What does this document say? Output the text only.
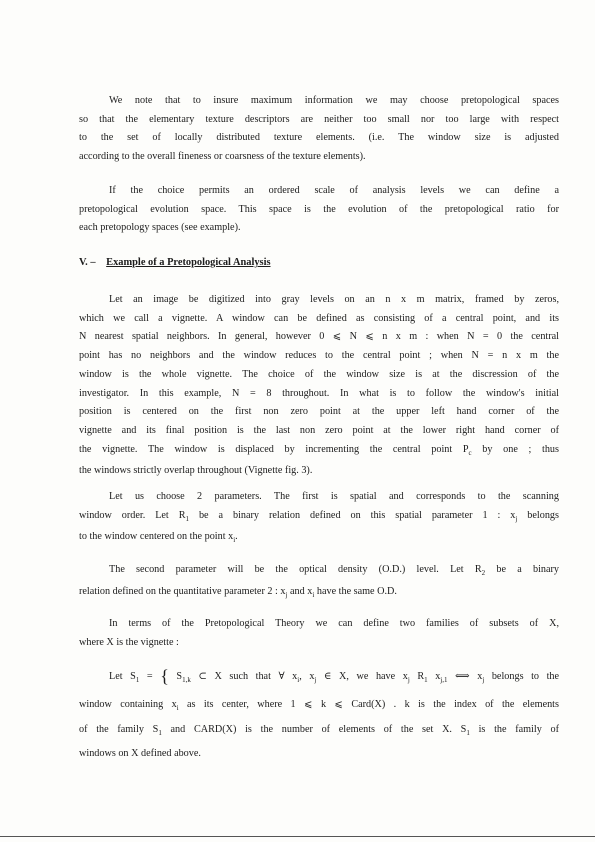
We note that to insure maximum information we may choose pretopological spaces
so that the elementary texture descriptors are neither too small nor too large with respect
to the set of locally distributed texture elements. (i.e. The window size is adjusted
according to the overall fineness or coarsness of the texture elements).

If the choice permits an ordered scale of analysis levels we can define a
pretopological evolution space. This space is the evolution of the pretopological ratio for
each pretopology spaces (see example).

V. – Example of a Pretopological Analysis

Let an image be digitized into gray levels on an n x m matrix, framed by zeros,
which we call a vignette. A window can be defined as consisting of a central point, and its
N nearest spatial neighbors. In general, however 0 ⩽ N ⩽ n x m : when N = 0 the central
point has no neighbors and the window reduces to the central point ; when N = n x m the
window is the whole vignette. The choice of the window size is at the discression of the
investigator. In this example, N = 8 throughout. In what is to follow the window's initial
position is centered on the first non zero point at the upper left hand corner of the
vignette and its final position is the last non zero point at the lower right hand corner of
the vignette. The window is displaced by incrementing the central point $P_c$ by one ; thus
the windows strictly overlap throughout (Vignette fig. 3).

Let us choose 2 parameters. The first is spatial and corresponds to the scanning
window order. Let $R_1$ be a binary relation defined on this spatial parameter 1 : $x_j$ belongs
to the window centered on the point $x_i$.

The second parameter will be the optical density (O.D.) level. Let $R_2$ be a binary
relation defined on the quantitative parameter 2 : $x_j$ and $x_i$ have the same O.D.

In terms of the Pretopological Theory we can define two families of subsets of X,
where X is the vignette :

Let $S_1$ = { $S_{1,k}$ ⊂ X such that ∀ $x_i$, $x_j$ ∈ X, we have $x_j$ $R_1$ $x_{j,1}$ ⟺ $x_j$ belongs to the
window containing $x_i$ as its center, where 1 ⩽ k ⩽ Card(X) . k is the index of the elements
of the family $S_1$ and CARD(X) is the number of elements of the set X. $S_1$ is the family of
windows on X defined above.
